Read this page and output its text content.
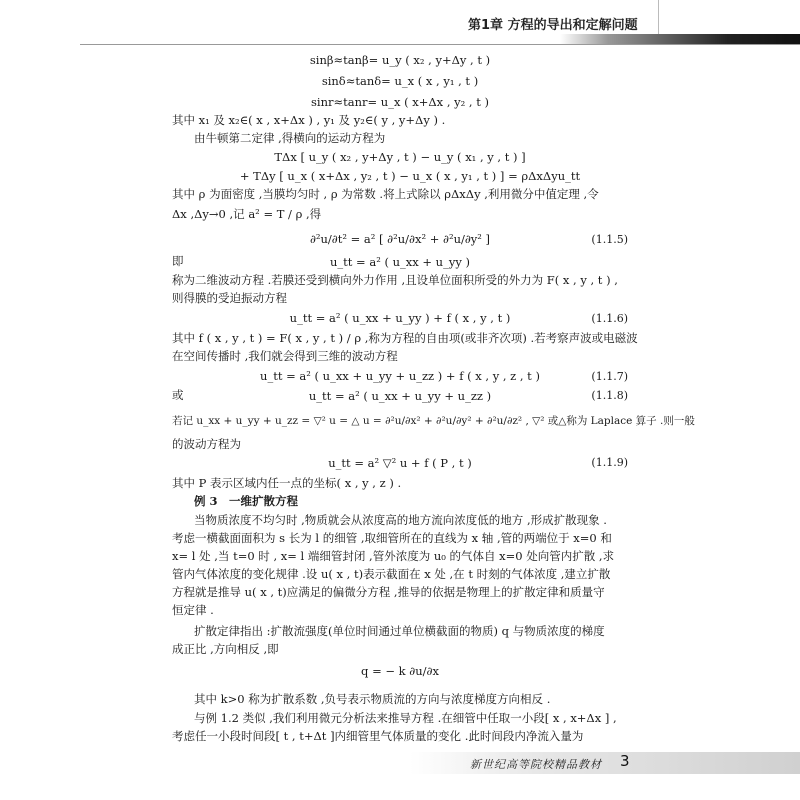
第1章 方程的导出和定解问题
sinβ≈tanβ= u_y ( x₂ , y+Δy , t )
sinδ≈tanδ= u_x ( x , y₁ , t )
sinr≈tanr= u_x ( x+Δx , y₂ , t )
其中 x₁ 及 x₂∈( x , x+Δx ) , y₁ 及 y₂∈( y , y+Δy ) .
由牛顿第二定律 ,得横向的运动方程为
TΔx [ u_y ( x₂ , y+Δy , t ) − u_y ( x₁ , y , t ) ]
+ TΔy [ u_x ( x+Δx , y₂ , t ) − u_x ( x , y₁ , t ) ] = ρΔxΔyu_tt
其中 ρ 为面密度 ,当膜均匀时 , ρ 为常数 .将上式除以 ρΔxΔy ,利用微分中值定理 ,令
Δx ,Δy→0 ,记 a² = T / ρ ,得
∂²u/∂t² = a² [ ∂²u/∂x² + ∂²u/∂y² ]	(1.1.5)
即	u_tt = a² ( u_xx + u_yy )
称为二维波动方程 .若膜还受到横向外力作用 ,且设单位面积所受的外力为 F( x , y , t ) ,
则得膜的受迫振动方程
u_tt = a² ( u_xx + u_yy ) + f ( x , y , t )	(1.1.6)
其中 f ( x , y , t ) = F( x , y , t ) / ρ ,称为方程的自由项(或非齐次项) .若考察声波或电磁波
在空间传播时 ,我们就会得到三维的波动方程
u_tt = a² ( u_xx + u_yy + u_zz ) + f ( x , y , z , t )	(1.1.7)
或	u_tt = a² ( u_xx + u_yy + u_zz )	(1.1.8)
若记 u_xx + u_yy + u_zz = ▽² u = △ u = ∂²u/∂x² + ∂²u/∂y² + ∂²u/∂z² , ▽² 或△称为 Laplace 算子 .则一般
的波动方程为
u_tt = a² ▽² u + f ( P , t )	(1.1.9)
其中 P 表示区域内任一点的坐标( x , y , z ) .
例 3　一维扩散方程
当物质浓度不均匀时 ,物质就会从浓度高的地方流向浓度低的地方 ,形成扩散现象 .
考虑一横截面面积为 s 长为 l 的细管 ,取细管所在的直线为 x 轴 ,管的两端位于 x=0 和
x= l 处 ,当 t=0 时 , x= l 端细管封闭 ,管外浓度为 u₀ 的气体自 x=0 处向管内扩散 ,求
管内气体浓度的变化规律 .设 u( x , t)表示截面在 x 处 ,在 t 时刻的气体浓度 ,建立扩散
方程就是推导 u( x , t)应满足的偏微分方程 ,推导的依据是物理上的扩散定律和质量守
恒定律 .
扩散定律指出 :扩散流强度(单位时间通过单位横截面的物质) q 与物质浓度的梯度
成正比 ,方向相反 ,即
q = − k ∂u/∂x
其中 k>0 称为扩散系数 ,负号表示物质流的方向与浓度梯度方向相反 .
与例 1.2 类似 ,我们利用微元分析法来推导方程 .在细管中任取一小段[ x , x+Δx ] ,
考虑任一小段时间段[ t , t+Δt ]内细管里气体质量的变化 .此时间段内净流入量为
新世纪高等院校精品教材 3
